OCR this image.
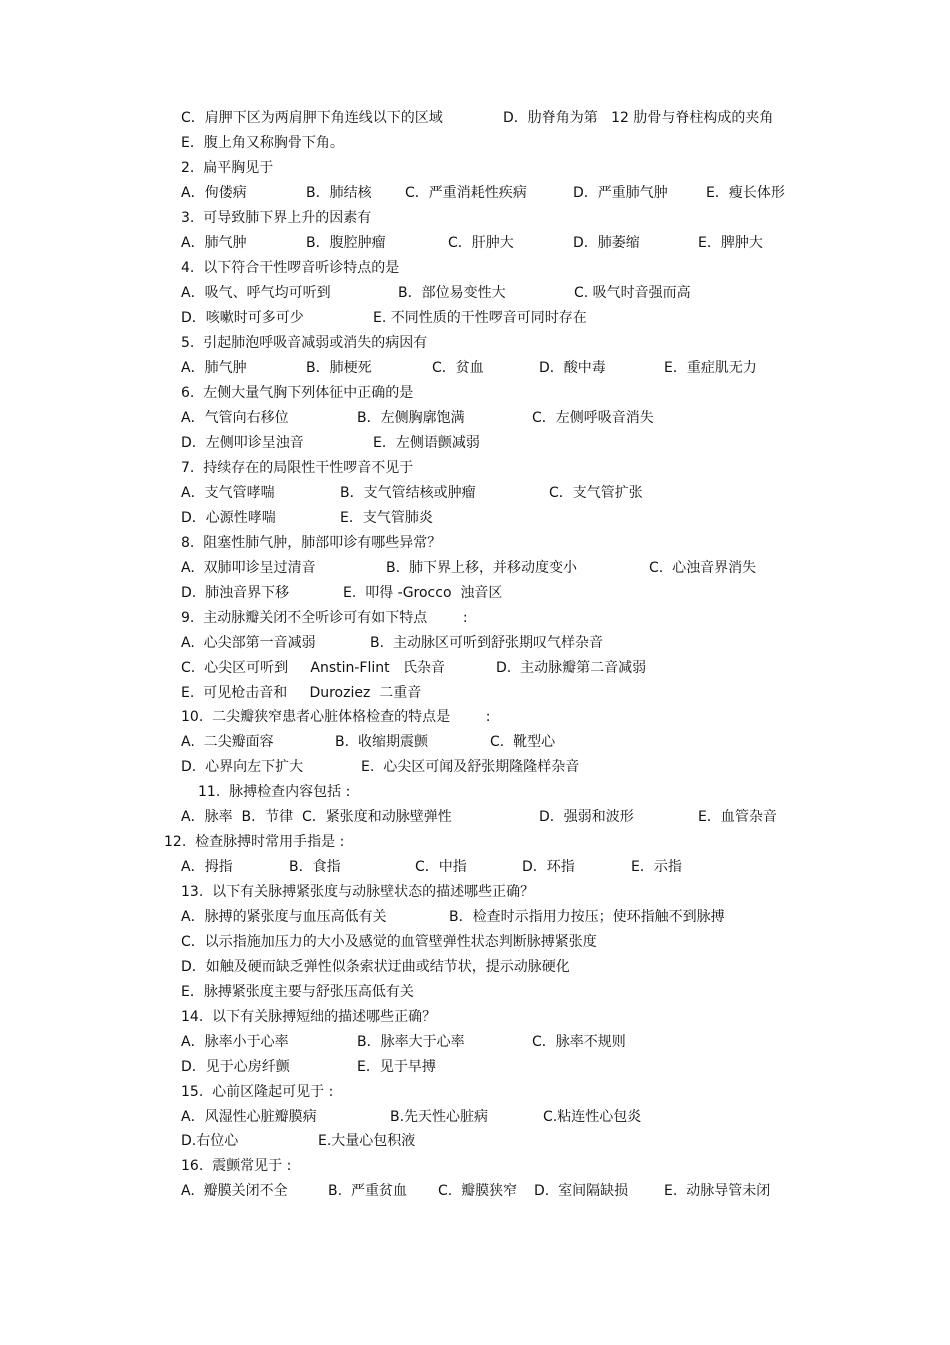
C．肩胛下区为两肩胛下角连线以下的区域	D．肋脊角为第   12 肋骨与脊柱构成的夹角
E．腹上角又称胸骨下角。
2.  扁平胸见于
A．佝偻病	B．肺结核 C．严重消耗性疾病	D．严重肺气肿	E．瘦长体形
3.  可导致肺下界上升的因素有
A．肺气肿	B．腹腔肿瘤	C．肝肿大	D．肺萎缩	E．脾肿大
4.  以下符合干性啰音听诊特点的是
A．吸气、呼气均可听到	B．部位易变性大	C. 吸气时音强而高
D．咳嗽时可多可少	E. 不同性质的干性啰音可同时存在
5.  引起肺泡呼吸音减弱或消失的病因有
A．肺气肿	B．肺梗死	C．贫血	D．酸中毒	E．重症肌无力
6.  左侧大量气胸下列体征中正确的是
A．气管向右移位	B．左侧胸廓饱满	C．左侧呼吸音消失
D．左侧叩诊呈浊音	E．左侧语颤减弱
7.  持续存在的局限性干性啰音不见于
A．支气管哮喘	B．支气管结核或肿瘤	C．支气管扩张
D．心源性哮喘	E．支气管肺炎
8.  阻塞性肺气肿，肺部叩诊有哪些异常？
A.  双肺叩诊呈过清音	B.  肺下界上移，并移动度变小	C.  心浊音界消失
D.  肺浊音界下移	E.  叩得 -Grocco  浊音区
9.  主动脉瓣关闭不全听诊可有如下特点        :
A.  心尖部第一音减弱	B.  主动脉区可听到舒张期叹气样杂音
C.  心尖区可听到     Anstin-Flint   氏杂音	D.  主动脉瓣第二音减弱
E.  可见枪击音和     Duroziez  二重音
10.  二尖瓣狭窄患者心脏体格检查的特点是        :
A.  二尖瓣面容	B.  收缩期震颤	C.  靴型心
D.  心界向左下扩大	E.  心尖区可闻及舒张期隆隆样杂音
11.  脉搏检查内容包括 :
A．脉率  B．节律  C．紧张度和动脉壁弹性	D．强弱和波形	E．血管杂音
12.  检查脉搏时常用手指是 :
A．拇指	B．食指	C．中指	D．环指	E．示指
13.  以下有关脉搏紧张度与动脉壁状态的描述哪些正确？
A．脉搏的紧张度与血压高低有关	B．检查时示指用力按压；使环指触不到脉搏
C．以示指施加压力的大小及感觉的血管壁弹性状态判断脉搏紧张度
D．如触及硬而缺乏弹性似条索状迂曲或结节状，提示动脉硬化
E．脉搏紧张度主要与舒张压高低有关
14.  以下有关脉搏短绌的描述哪些正确？
A．脉率小于心率	B．脉率大于心率	C．脉率不规则
D．见于心房纤颤	E．见于早搏
15.  心前区隆起可见于 :
A．风湿性心脏瓣膜病	B.先天性心脏病	C.粘连性心包炎
D.右位心	E.大量心包积液
16.  震颤常见于 :
A.  瓣膜关闭不全	B.  严重贫血 C.  瓣膜狭窄 D.  室间隔缺损	E.  动脉导管未闭
